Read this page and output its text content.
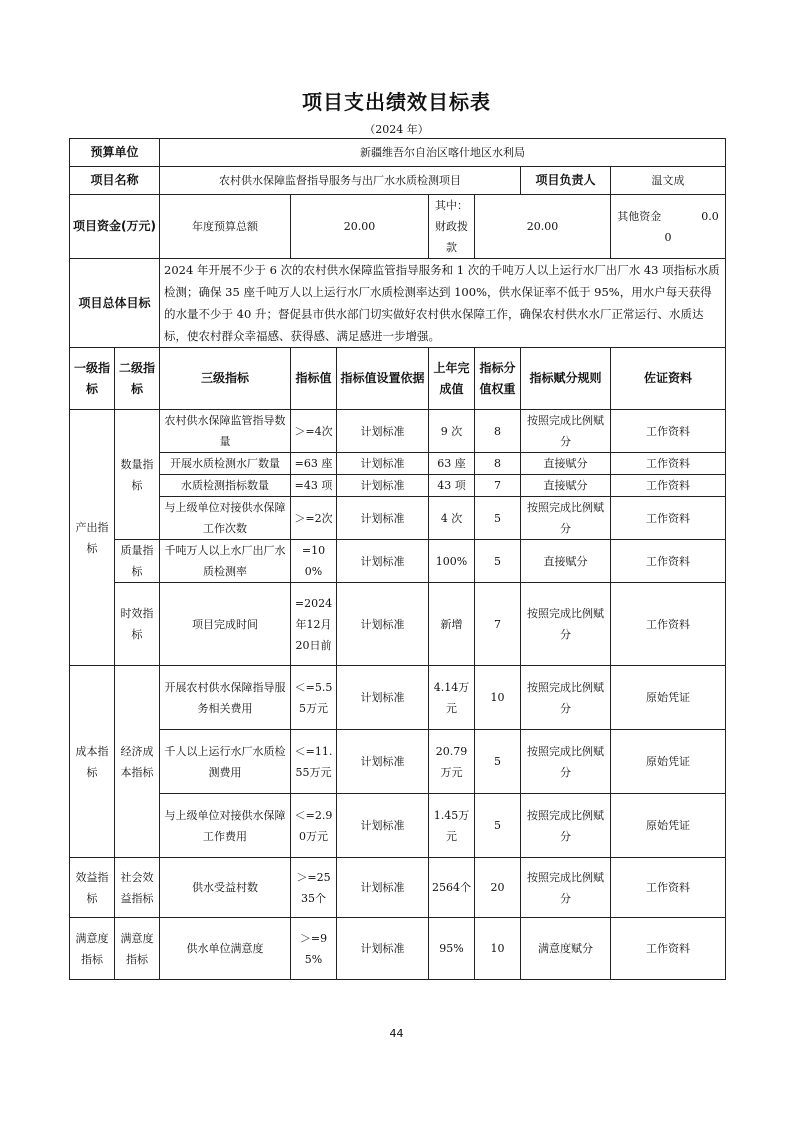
项目支出绩效目标表
（2024 年）
预算单位		新疆维吾尔自治区喀什地区水利局						
项目名称		农村供水保障监督指导服务与出厂水水质检测项目					项目负责人	温文成
项目资金(万元)		年度预算总额	20.00		其中：财政拨款	20.00		其他资金 0.00
项目总体目标		2024 年开展不少于 6 次的农村供水保障监管指导服务和 1 次的千吨万人以上运行水厂出厂水 43 项指标水质检测；确保 35 座千吨万人以上运行水厂水质检测率达到 100%，供水保证率不低于 95%，用水户每天获得的水量不少于 40 升；督促县市供水部门切实做好农村供水保障工作，确保农村供水水厂正常运行、水质达标，使农村群众幸福感、获得感、满足感进一步增强。						
一级指标	二级指标	三级指标	指标值	指标值设置依据	上年完成值	指标分值权重	指标赋分规则	佐证资料
产出指标	数量指标	农村供水保障监管指导数量	＞=4次	计划标准	9 次	8	按照完成比例赋分	工作资料
		开展水质检测水厂数量	=63 座	计划标准	63 座	8	直接赋分	工作资料
		水质检测指标数量	=43 项	计划标准	43 项	7	直接赋分	工作资料
		与上级单位对接供水保障工作次数	＞=2次	计划标准	4 次	5	按照完成比例赋分	工作资料
	质量指标	千吨万人以上水厂出厂水质检测率	=100%	计划标准	100%	5	直接赋分	工作资料
	时效指标	项目完成时间	=2024年12月20日前	计划标准	新增	7	按照完成比例赋分	工作资料
成本指标	经济成本指标	开展农村供水保障指导服务相关费用	＜=5.55万元	计划标准	4.14万元	10	按照完成比例赋分	原始凭证
		千人以上运行水厂水质检测费用	＜=11.55万元	计划标准	20.79万元	5	按照完成比例赋分	原始凭证
		与上级单位对接供水保障工作费用	＜=2.90万元	计划标准	1.45万元	5	按照完成比例赋分	原始凭证
效益指标	社会效益指标	供水受益村数	＞=2535个	计划标准	2564个	20	按照完成比例赋分	工作资料
满意度指标	满意度指标	供水单位满意度	＞=95%	计划标准	95%	10	满意度赋分	工作资料
44
